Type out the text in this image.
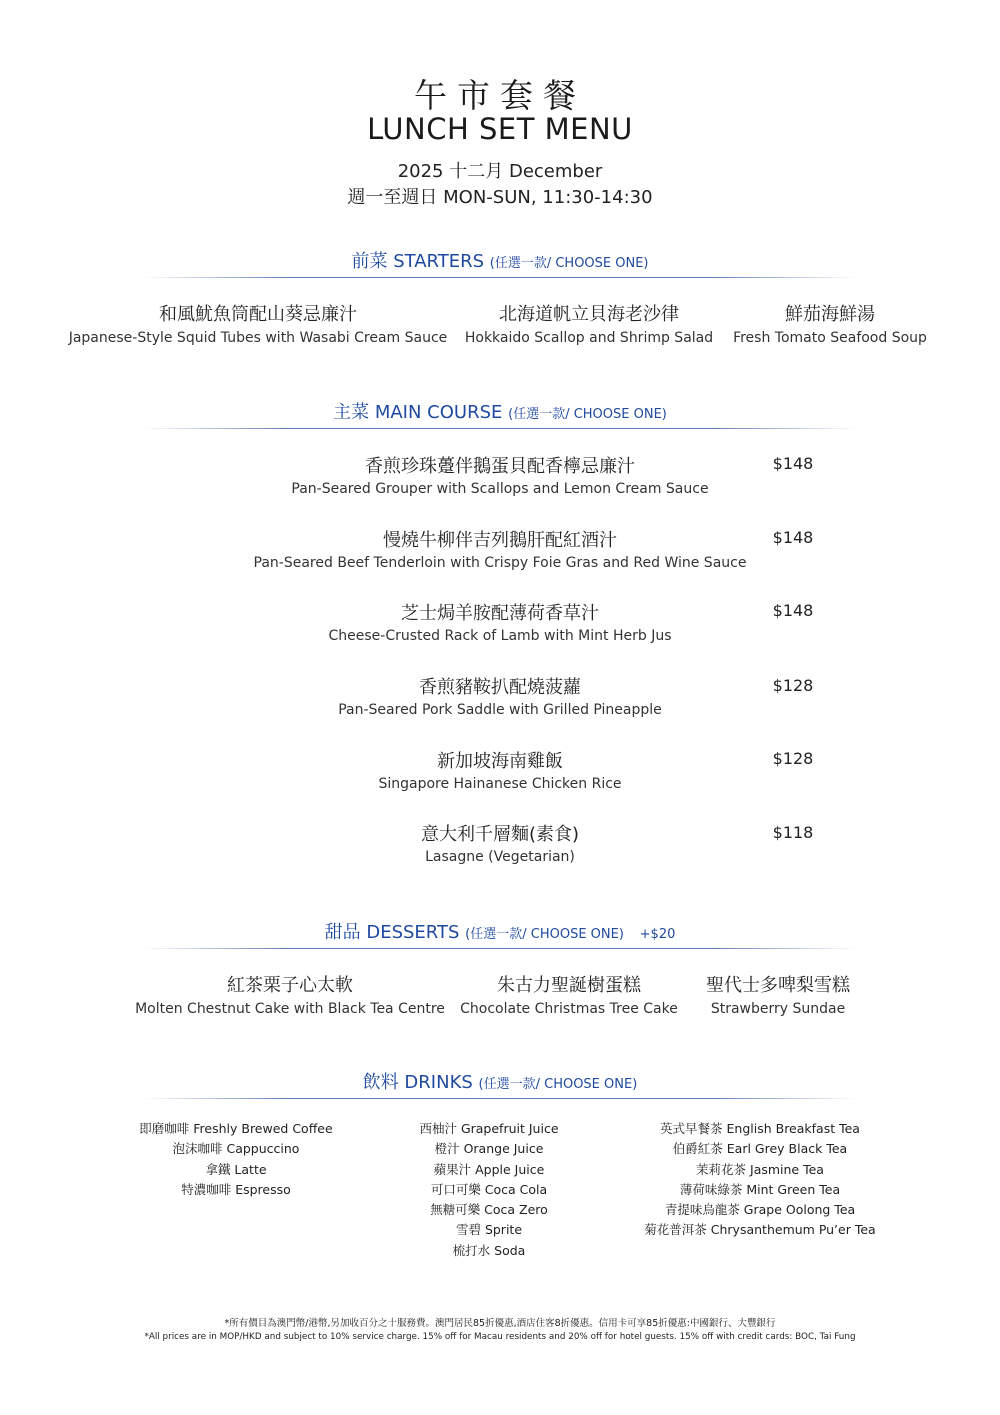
午市套餐
LUNCH SET MENU
2025 十二月 December
週一至週日 MON-SUN, 11:30-14:30
前菜 STARTERS (任選一款/ CHOOSE ONE)
和風魷魚筒配山葵忌廉汁
Japanese-Style Squid Tubes with Wasabi Cream Sauce
北海道帆立貝海老沙律
Hokkaido Scallop and Shrimp Salad
鮮茄海鮮湯
Fresh Tomato Seafood Soup
主菜 MAIN COURSE (任選一款/ CHOOSE ONE)
香煎珍珠躉伴鵝蛋貝配香檸忌廉汁
Pan-Seared Grouper with Scallops and Lemon Cream Sauce
$148
慢燒牛柳伴吉列鵝肝配紅酒汁
Pan-Seared Beef Tenderloin with Crispy Foie Gras and Red Wine Sauce
$148
芝士焗羊胺配薄荷香草汁
Cheese-Crusted Rack of Lamb with Mint Herb Jus
$148
香煎豬鞍扒配燒菠蘿
Pan-Seared Pork Saddle with Grilled Pineapple
$128
新加坡海南雞飯
Singapore Hainanese Chicken Rice
$128
意大利千層麵(素食)
Lasagne (Vegetarian)
$118
甜品 DESSERTS (任選一款/ CHOOSE ONE) +$20
紅茶栗子心太軟
Molten Chestnut Cake with Black Tea Centre
朱古力聖誕樹蛋糕
Chocolate Christmas Tree Cake
聖代士多啤梨雪糕
Strawberry Sundae
飲料 DRINKS (任選一款/ CHOOSE ONE)
即磨咖啡 Freshly Brewed Coffee
泡沫咖啡 Cappuccino
拿鐵 Latte
特濃咖啡 Espresso
西柚汁 Grapefruit Juice
橙汁 Orange Juice
蘋果汁 Apple Juice
可口可樂 Coca Cola
無糖可樂 Coca Zero
雪碧 Sprite
梳打水 Soda
英式早餐茶 English Breakfast Tea
伯爵紅茶 Earl Grey Black Tea
茉莉花茶 Jasmine Tea
薄荷味綠茶 Mint Green Tea
青提味烏龍茶 Grape Oolong Tea
菊花普洱茶 Chrysanthemum Pu’er Tea
*所有價目為澳門幣/港幣,另加收百分之十服務費。澳門居民85折優惠,酒店住客8折優惠。信用卡可享85折優惠:中國銀行、大豐銀行
*All prices are in MOP/HKD and subject to 10% service charge. 15% off for Macau residents and 20% off for hotel guests. 15% off with credit cards: BOC, Tai Fung
